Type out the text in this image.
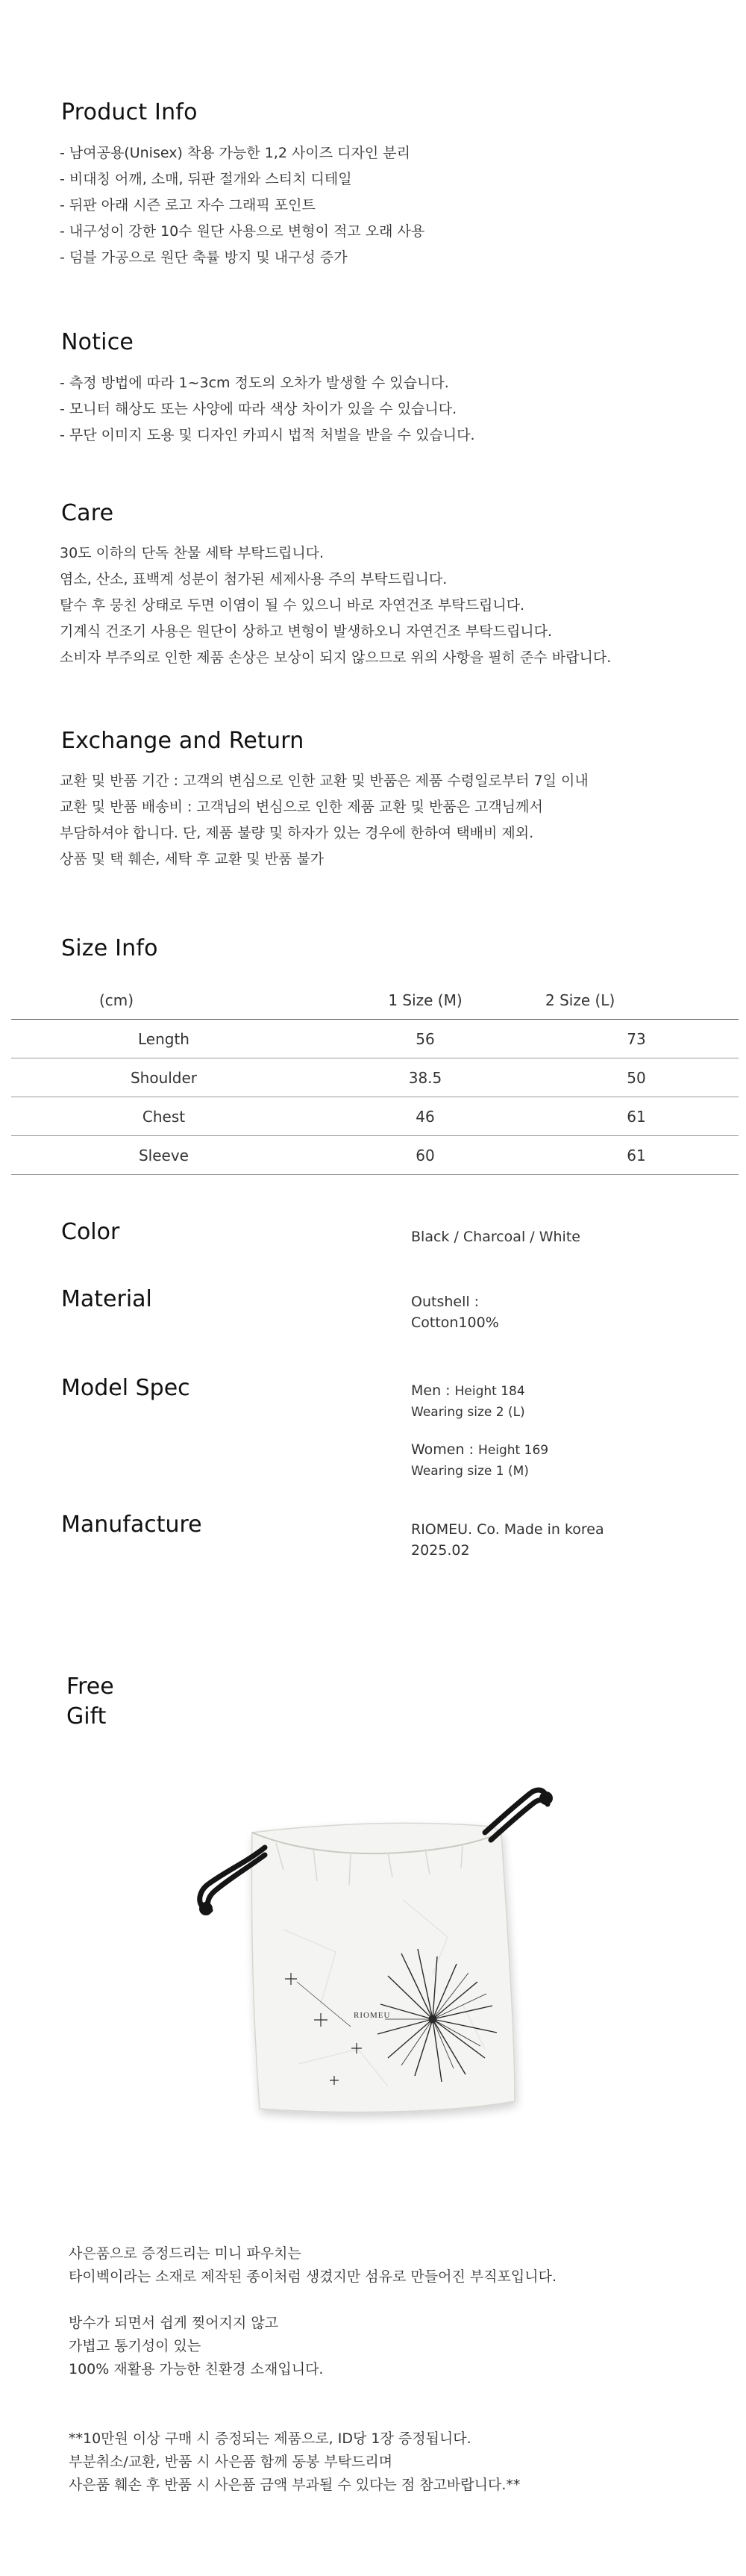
Product Info
- 남여공용(Unisex) 착용 가능한 1,2 사이즈 디자인 분리
- 비대칭 어깨, 소매, 뒤판 절개와 스티치 디테일
- 뒤판 아래 시즌 로고 자수 그래픽 포인트
- 내구성이 강한 10수 원단 사용으로 변형이 적고 오래 사용
- 덤블 가공으로 원단 축률 방지 및 내구성 증가
Notice
- 측정 방법에 따라 1~3cm 정도의 오차가 발생할 수 있습니다.
- 모니터 해상도 또는 사양에 따라 색상 차이가 있을 수 있습니다.
- 무단 이미지 도용 및 디자인 카피시 법적 처벌을 받을 수 있습니다.
Care
30도 이하의 단독 찬물 세탁 부탁드립니다.
염소, 산소, 표백계 성분이 첨가된 세제사용 주의 부탁드립니다.
탈수 후 뭉친 상태로 두면 이염이 될 수 있으니 바로 자연건조 부탁드립니다.
기계식 건조기 사용은 원단이 상하고 변형이 발생하오니 자연건조 부탁드립니다.
소비자 부주의로 인한 제품 손상은 보상이 되지 않으므로 위의 사항을 필히 준수 바랍니다.
Exchange and Return
교환 및 반품 기간 : 고객의 변심으로 인한 교환 및 반품은 제품 수령일로부터 7일 이내
교환 및 반품 배송비 : 고객님의 변심으로 인한 제품 교환 및 반품은 고객님께서
부담하셔야 합니다. 단, 제품 불량 및 하자가 있는 경우에 한하여 택배비 제외.
상품 및 택 훼손, 세탁 후 교환 및 반품 불가
Size Info
(cm)	1 Size (M)	2 Size (L)
Length	56	73
Shoulder	38.5	50
Chest	46	61
Sleeve	60	61
Color	Black / Charcoal / White
Material	Outshell :
Cotton100%
Model Spec	Men : Height 184
Wearing size 2 (L)
Women : Height 169
Wearing size 1 (M)
Manufacture	RIOMEU. Co. Made in korea
2025.02
Free
Gift
RIOMEU
사은품으로 증정드리는 미니 파우치는
타이벡이라는 소재로 제작된 종이처럼 생겼지만 섬유로 만들어진 부직포입니다.
방수가 되면서 쉽게 찢어지지 않고
가볍고 통기성이 있는
100% 재활용 가능한 친환경 소재입니다.
**10만원 이상 구매 시 증정되는 제품으로, ID당 1장 증정됩니다.
부분취소/교환, 반품 시 사은품 함께 동봉 부탁드리며
사은품 훼손 후 반품 시 사은품 금액 부과될 수 있다는 점 참고바랍니다.**
